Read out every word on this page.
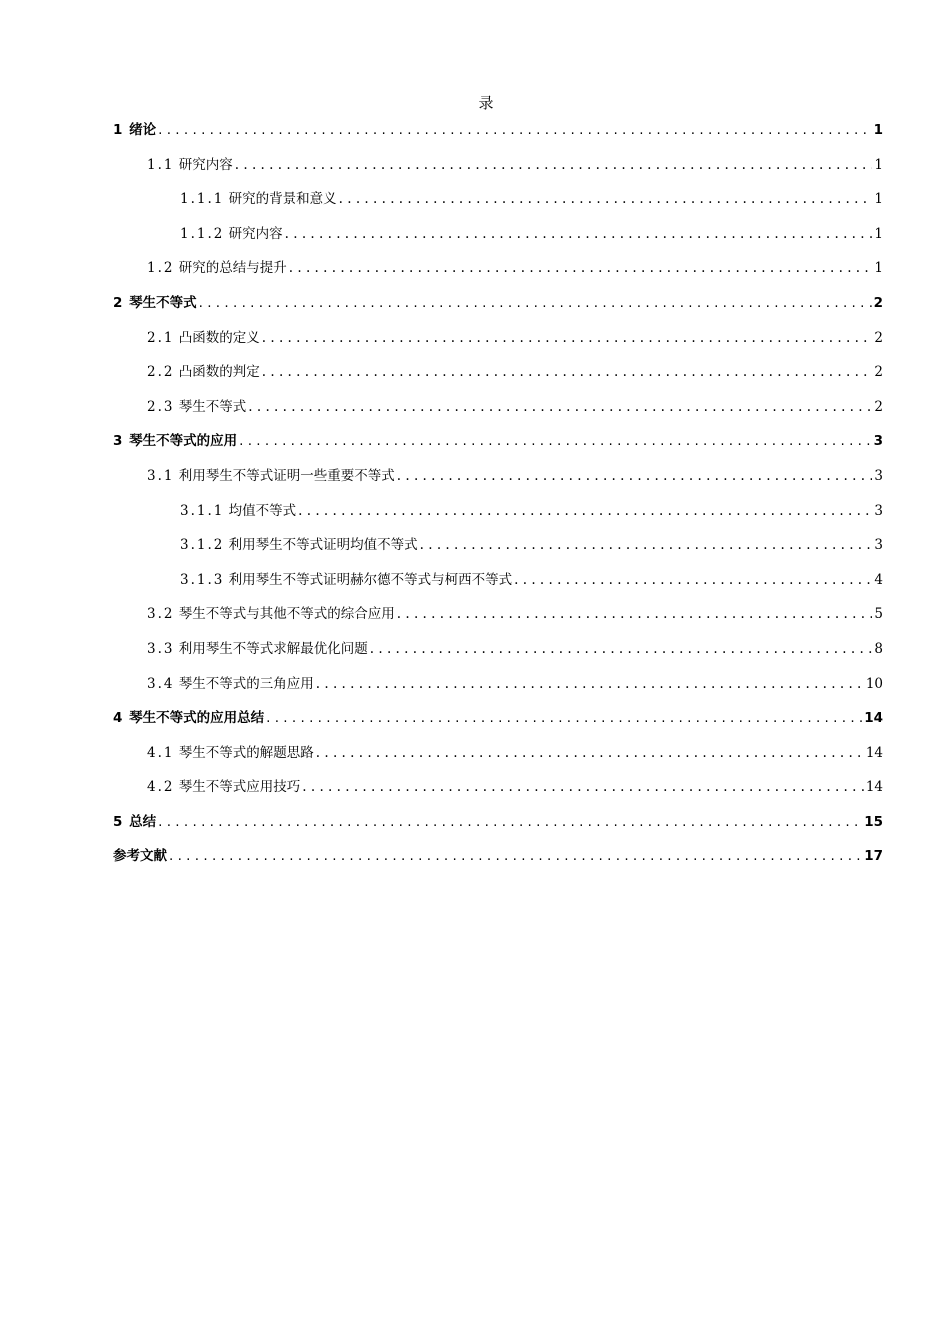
录
1 绪论 .....	1
1.1 研究内容 .....	1
1.1.1 研究的背景和意义 .....	1
1.1.2 研究内容 .....	1
1.2 研究的总结与提升 .....	1
2 琴生不等式 .....	2
2.1 凸函数的定义 .....	2
2.2 凸函数的判定 .....	2
2.3 琴生不等式 .....	2
3 琴生不等式的应用 .....	3
3.1 利用琴生不等式证明一些重要不等式 .....	3
3.1.1 均值不等式 .....	3
3.1.2 利用琴生不等式证明均值不等式 .....	3
3.1.3 利用琴生不等式证明赫尔德不等式与柯西不等式 .....	4
3.2 琴生不等式与其他不等式的综合应用 .....	5
3.3 利用琴生不等式求解最优化问题 .....	8
3.4 琴生不等式的三角应用 .....	10
4 琴生不等式的应用总结 .....	14
4.1 琴生不等式的解题思路 .....	14
4.2 琴生不等式应用技巧 .....	14
5 总结 .....	15
参考文献 .....	17
